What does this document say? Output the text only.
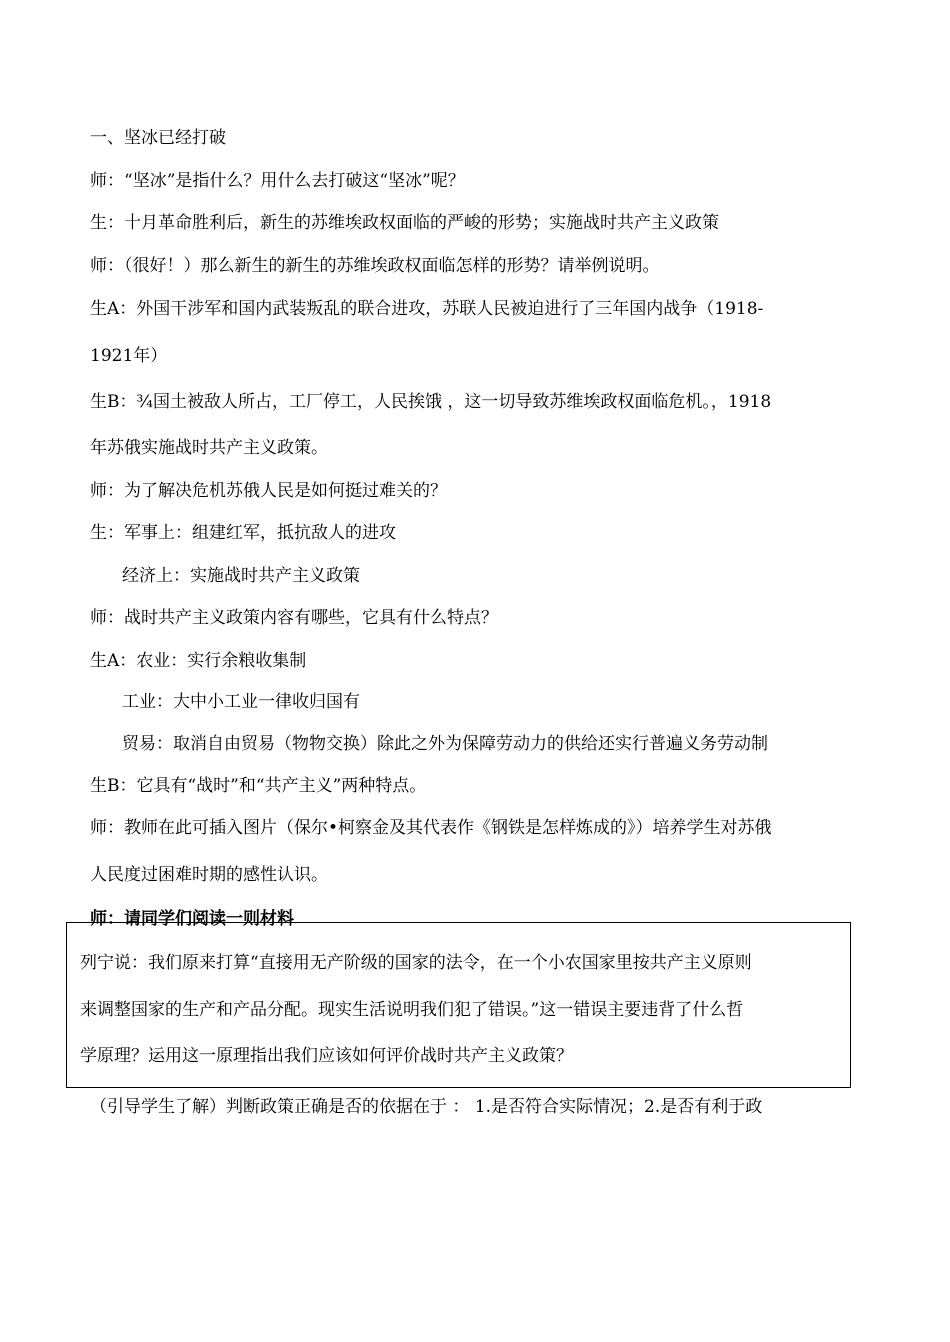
一、坚冰已经打破

师：“坚冰”是指什么？用什么去打破这“坚冰”呢？

生：十月革命胜利后，新生的苏维埃政权面临的严峻的形势；实施战时共产主义政策

师：（很好！）那么新生的新生的苏维埃政权面临怎样的形势？请举例说明。

生A：外国干涉军和国内武装叛乱的联合进攻，苏联人民被迫进行了三年国内战争（1918-

1921年）

生B：¾国土被敌人所占，工厂停工，人民挨饿 ，这一切导致苏维埃政权面临危机。，1918

年苏俄实施战时共产主义政策。

师：为了解决危机苏俄人民是如何挺过难关的？

生：军事上：组建红军，抵抗敌人的进攻

经济上：实施战时共产主义政策

师：战时共产主义政策内容有哪些，它具有什么特点？

生A：农业：实行余粮收集制

工业：大中小工业一律收归国有

贸易：取消自由贸易（物物交换）除此之外为保障劳动力的供给还实行普遍义务劳动制

生B：它具有“战时”和“共产主义”两种特点。

师：教师在此可插入图片（保尔•柯察金及其代表作《钢铁是怎样炼成的》）培养学生对苏俄

人民度过困难时期的感性认识。

师：请同学们阅读一则材料

列宁说：我们原来打算“直接用无产阶级的国家的法令，在一个小农国家里按共产主义原则

来调整国家的生产和产品分配。现实生活说明我们犯了错误。”这一错误主要违背了什么哲

学原理？运用这一原理指出我们应该如何评价战时共产主义政策？

（引导学生了解）判断政策正确是否的依据在于 ： 1.是否符合实际情况；2.是否有利于政
